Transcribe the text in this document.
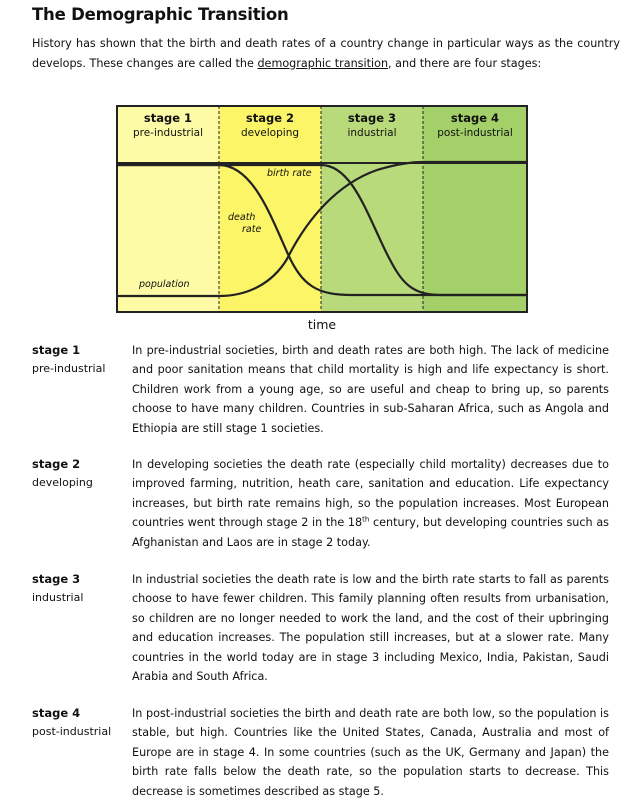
The Demographic Transition

History has shown that the birth and death rates of a country change in particular ways as the country develops. These changes are called the demographic transition, and there are four stages:

stage 1
pre-industrial
stage 2
developing
stage 3
industrial
stage 4
post-industrial
birth rate
death
rate
population
time
stage 1
pre-industrial

In pre-industrial societies, birth and death rates are both high. The lack of medicine and poor sanitation means that child mortality is high and life expectancy is short. Children work from a young age, so are useful and cheap to bring up, so parents choose to have many children. Countries in sub-Saharan Africa, such as Angola and Ethiopia are still stage 1 societies.

stage 2
developing

In developing societies the death rate (especially child mortality) decreases due to improved farming, nutrition, heath care, sanitation and education. Life expectancy increases, but birth rate remains high, so the population increases. Most European countries went through stage 2 in the 18th century, but developing countries such as Afghanistan and Laos are in stage 2 today.

stage 3
industrial

In industrial societies the death rate is low and the birth rate starts to fall as parents choose to have fewer children. This family planning often results from urbanisation, so children are no longer needed to work the land, and the cost of their upbringing and education increases. The population still increases, but at a slower rate. Many countries in the world today are in stage 3 including Mexico, India, Pakistan, Saudi Arabia and South Africa.

stage 4
post-industrial

In post-industrial societies the birth and death rate are both low, so the population is stable, but high. Countries like the United States, Canada, Australia and most of Europe are in stage 4. In some countries (such as the UK, Germany and Japan) the birth rate falls below the death rate, so the population starts to decrease. This decrease is sometimes described as stage 5.
